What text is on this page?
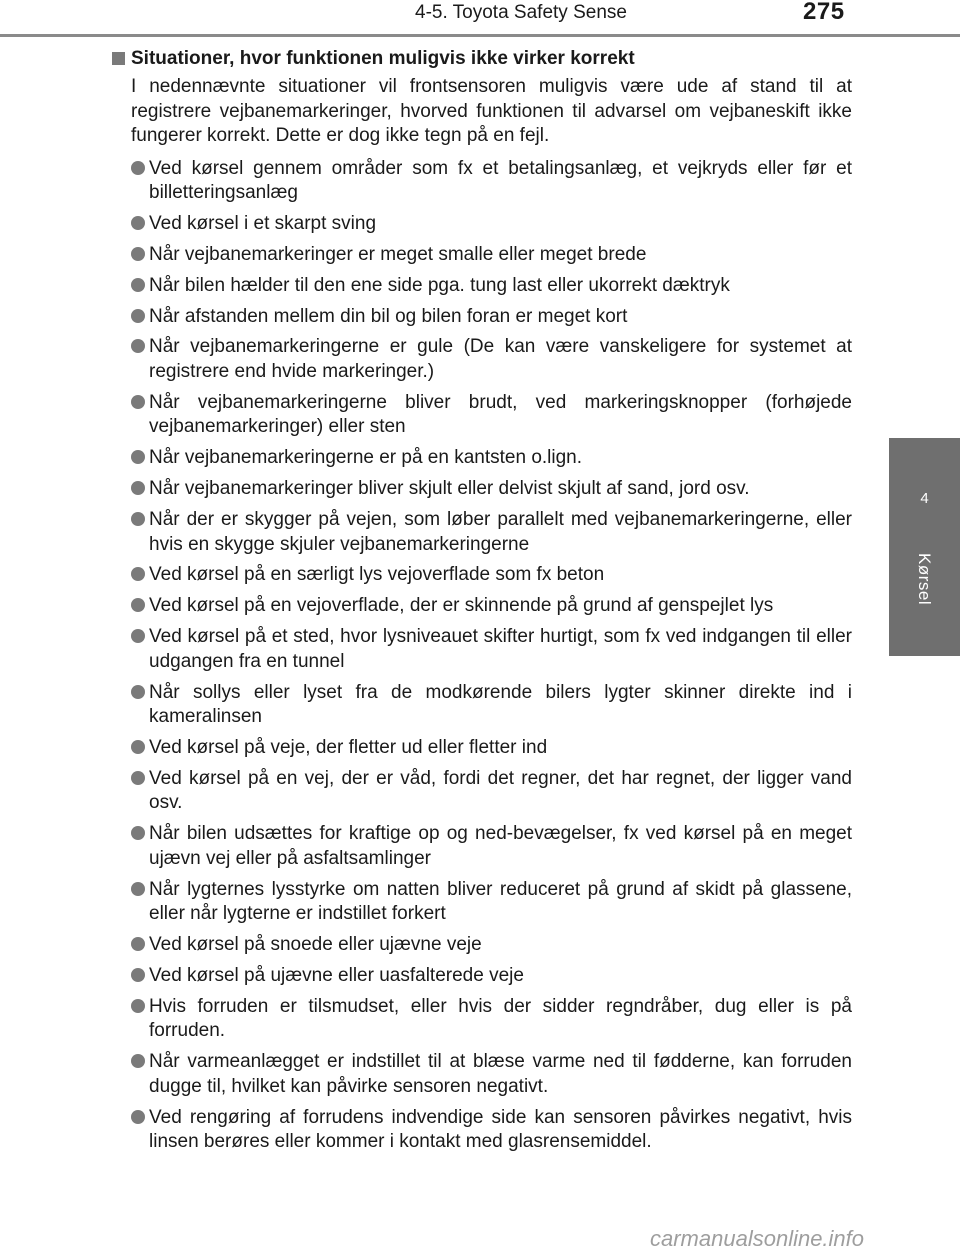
4-5. Toyota Safety Sense	275
4
Kørsel
Situationer, hvor funktionen muligvis ikke virker korrekt

I nedennævnte situationer vil frontsensoren muligvis være ude af stand til at registrere vejbanemarkeringer, hvorved funktionen til advarsel om vejbaneskift ikke fungerer korrekt. Dette er dog ikke tegn på en fejl.

Ved kørsel gennem områder som fx et betalingsanlæg, et vejkryds eller før et billetteringsanlæg
Ved kørsel i et skarpt sving
Når vejbanemarkeringer er meget smalle eller meget brede
Når bilen hælder til den ene side pga. tung last eller ukorrekt dæktryk
Når afstanden mellem din bil og bilen foran er meget kort
Når vejbanemarkeringerne er gule (De kan være vanskeligere for systemet at registrere end hvide markeringer.)
Når vejbanemarkeringerne bliver brudt, ved markeringsknopper (forhøjede vejbanemarkeringer) eller sten
Når vejbanemarkeringerne er på en kantsten o.lign.
Når vejbanemarkeringer bliver skjult eller delvist skjult af sand, jord osv.
Når der er skygger på vejen, som løber parallelt med vejbanemarkeringerne, eller hvis en skygge skjuler vejbanemarkeringerne
Ved kørsel på en særligt lys vejoverflade som fx beton
Ved kørsel på en vejoverflade, der er skinnende på grund af genspejlet lys
Ved kørsel på et sted, hvor lysniveauet skifter hurtigt, som fx ved indgangen til eller udgangen fra en tunnel
Når sollys eller lyset fra de modkørende bilers lygter skinner direkte ind i kameralinsen
Ved kørsel på veje, der fletter ud eller fletter ind
Ved kørsel på en vej, der er våd, fordi det regner, det har regnet, der ligger vand osv.
Når bilen udsættes for kraftige op og ned-bevægelser, fx ved kørsel på en meget ujævn vej eller på asfaltsamlinger
Når lygternes lysstyrke om natten bliver reduceret på grund af skidt på glassene, eller når lygterne er indstillet forkert
Ved kørsel på snoede eller ujævne veje
Ved kørsel på ujævne eller uasfalterede veje
Hvis forruden er tilsmudset, eller hvis der sidder regndråber, dug eller is på forruden.
Når varmeanlægget er indstillet til at blæse varme ned til fødderne, kan forruden dugge til, hvilket kan påvirke sensoren negativt.
Ved rengøring af forrudens indvendige side kan sensoren påvirkes negativt, hvis linsen berøres eller kommer i kontakt med glasrensemiddel.
carmanualsonline.info
